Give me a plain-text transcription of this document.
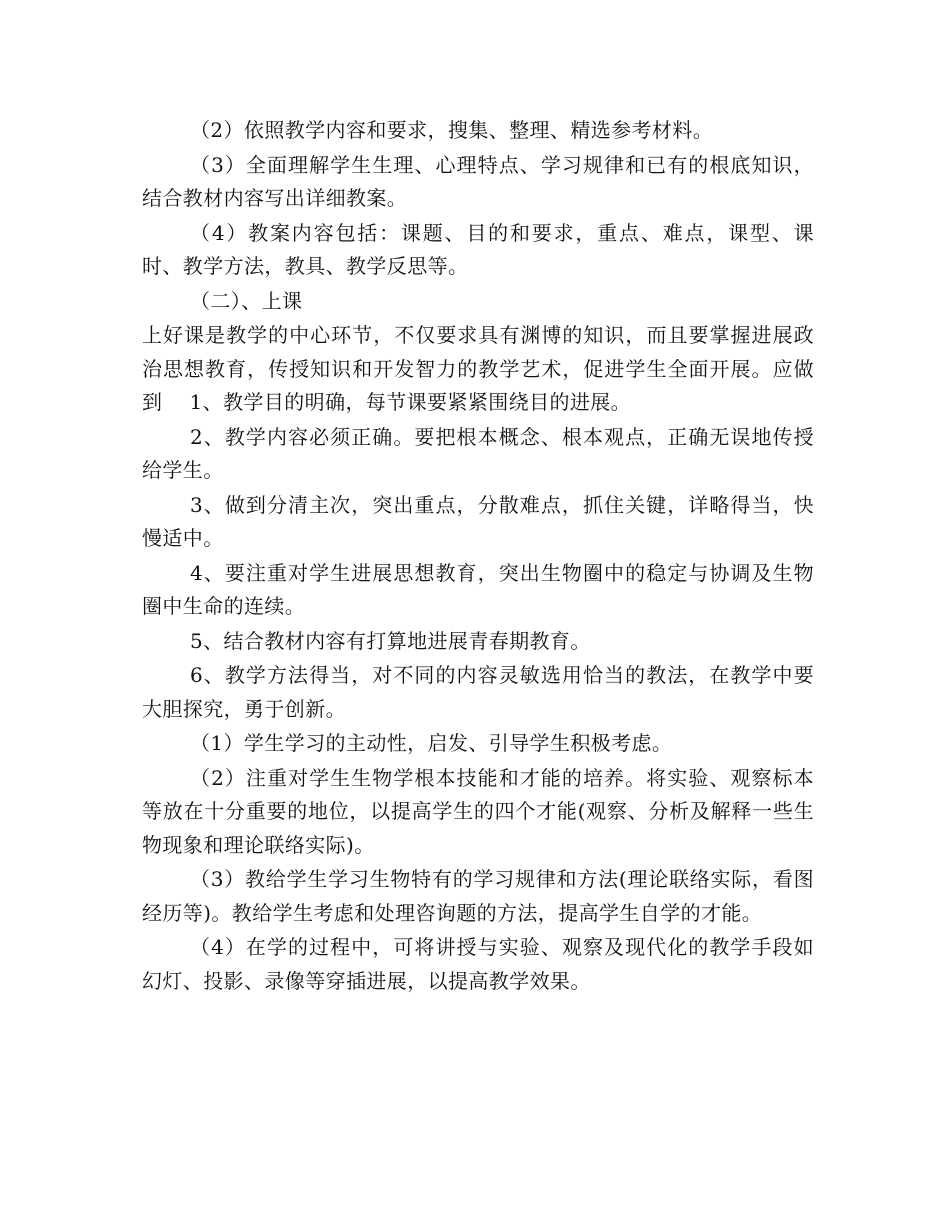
（2）依照教学内容和要求，搜集、整理、精选参考材料。

（3）全面理解学生生理、心理特点、学习规律和已有的根底知识，结合教材内容写出详细教案。

（4）教案内容包括：课题、目的和要求，重点、难点，课型、课时、教学方法，教具、教学反思等。

（二）、上课

上好课是教学的中心环节，不仅要求具有渊博的知识，而且要掌握进展政治思想教育，传授知识和开发智力的教学艺术，促进学生全面开展。应做到 　1、教学目的明确，每节课要紧紧围绕目的进展。

2、教学内容必须正确。要把根本概念、根本观点，正确无误地传授给学生。

3、做到分清主次，突出重点，分散难点，抓住关键，详略得当，快慢适中。

4、要注重对学生进展思想教育，突出生物圈中的稳定与协调及生物圈中生命的连续。

5、结合教材内容有打算地进展青春期教育。

6、教学方法得当，对不同的内容灵敏选用恰当的教法，在教学中要大胆探究，勇于创新。

（1）学生学习的主动性，启发、引导学生积极考虑。

（2）注重对学生生物学根本技能和才能的培养。将实验、观察标本等放在十分重要的地位，以提高学生的四个才能(观察、分析及解释一些生物现象和理论联络实际)。

（3）教给学生学习生物特有的学习规律和方法(理论联络实际，看图经历等)。教给学生考虑和处理咨询题的方法，提高学生自学的才能。

（4）在学的过程中，可将讲授与实验、观察及现代化的教学手段如幻灯、投影、录像等穿插进展，以提高教学效果。
